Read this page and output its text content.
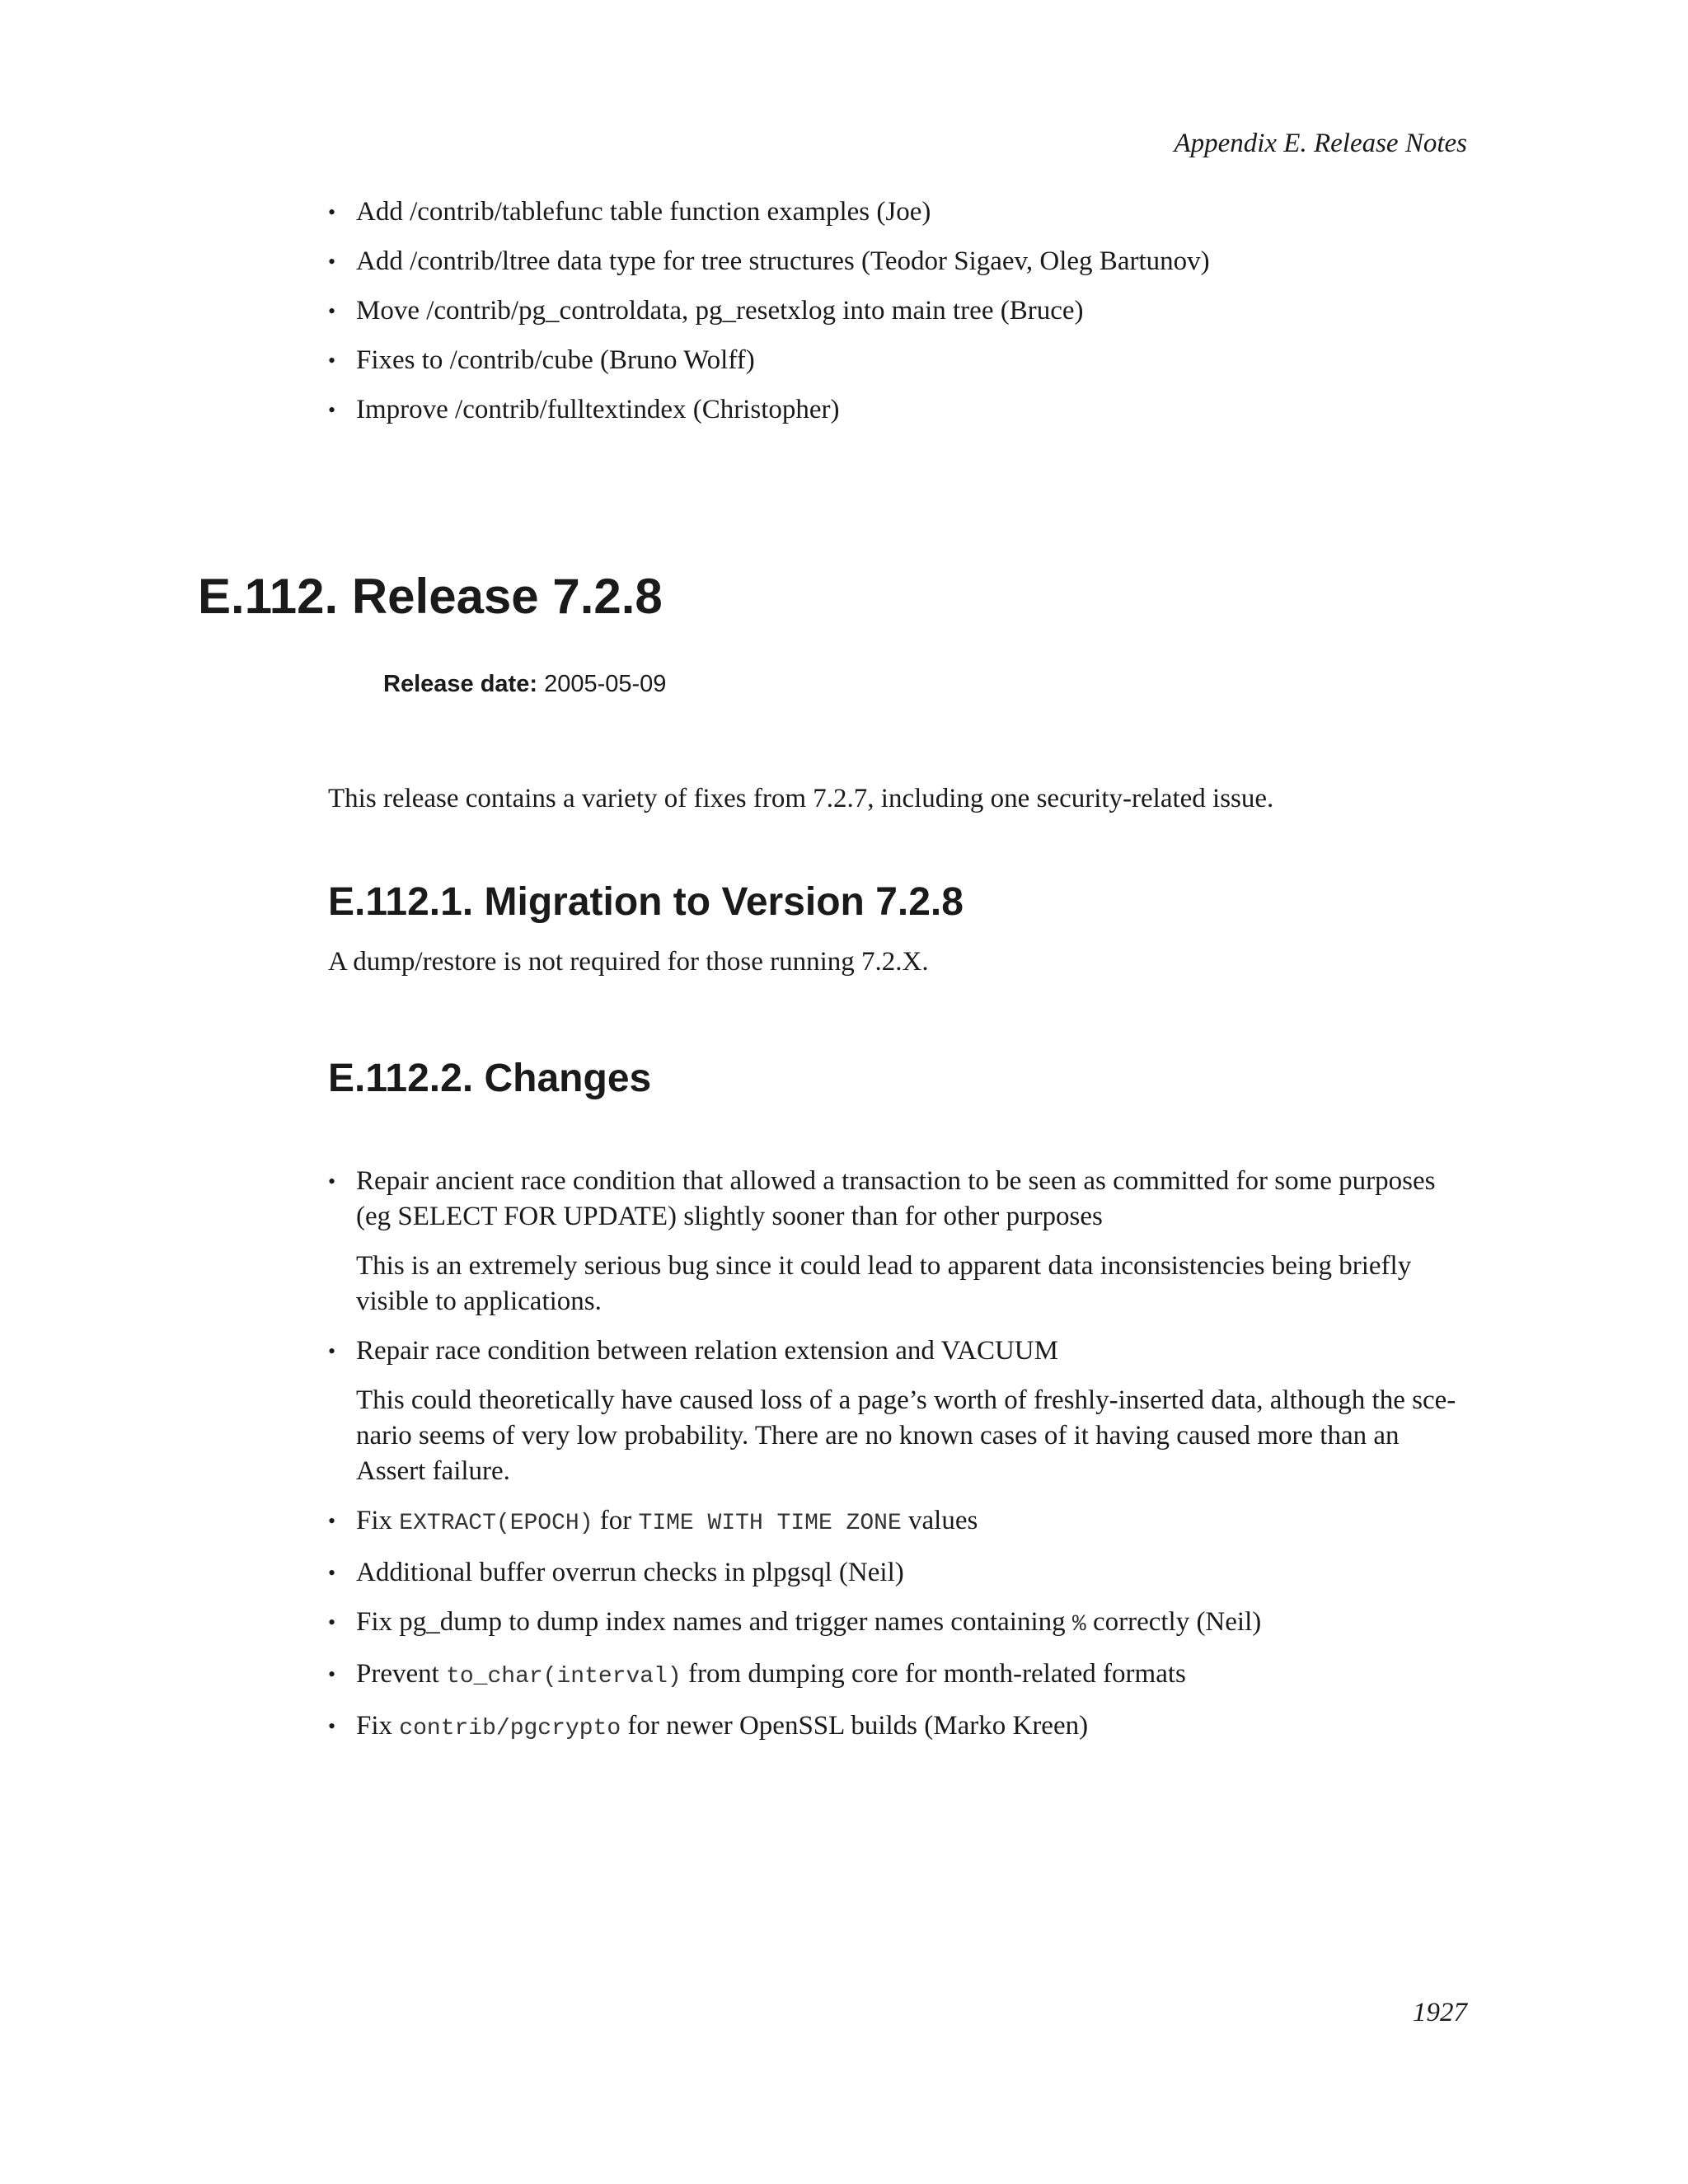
Appendix E. Release Notes
• Add /contrib/tablefunc table function examples (Joe)
• Add /contrib/ltree data type for tree structures (Teodor Sigaev, Oleg Bartunov)
• Move /contrib/pg_controldata, pg_resetxlog into main tree (Bruce)
• Fixes to /contrib/cube (Bruno Wolff)
• Improve /contrib/fulltextindex (Christopher)
E.112. Release 7.2.8
Release date: 2005-05-09

This release contains a variety of fixes from 7.2.7, including one security-related issue.

E.112.1. Migration to Version 7.2.8

A dump/restore is not required for those running 7.2.X.

E.112.2. Changes
• Repair ancient race condition that allowed a transaction to be seen as committed for some purposes (eg SELECT FOR UPDATE) slightly sooner than for other purposes
This is an extremely serious bug since it could lead to apparent data inconsistencies being briefly visible to applications.
• Repair race condition between relation extension and VACUUM
This could theoretically have caused loss of a page’s worth of freshly-inserted data, although the sce-nario seems of very low probability. There are no known cases of it having caused more than an Assert failure.
• Fix EXTRACT(EPOCH) for TIME WITH TIME ZONE values
• Additional buffer overrun checks in plpgsql (Neil)
• Fix pg_dump to dump index names and trigger names containing % correctly (Neil)
• Prevent to_char(interval) from dumping core for month-related formats
• Fix contrib/pgcrypto for newer OpenSSL builds (Marko Kreen)
1927
